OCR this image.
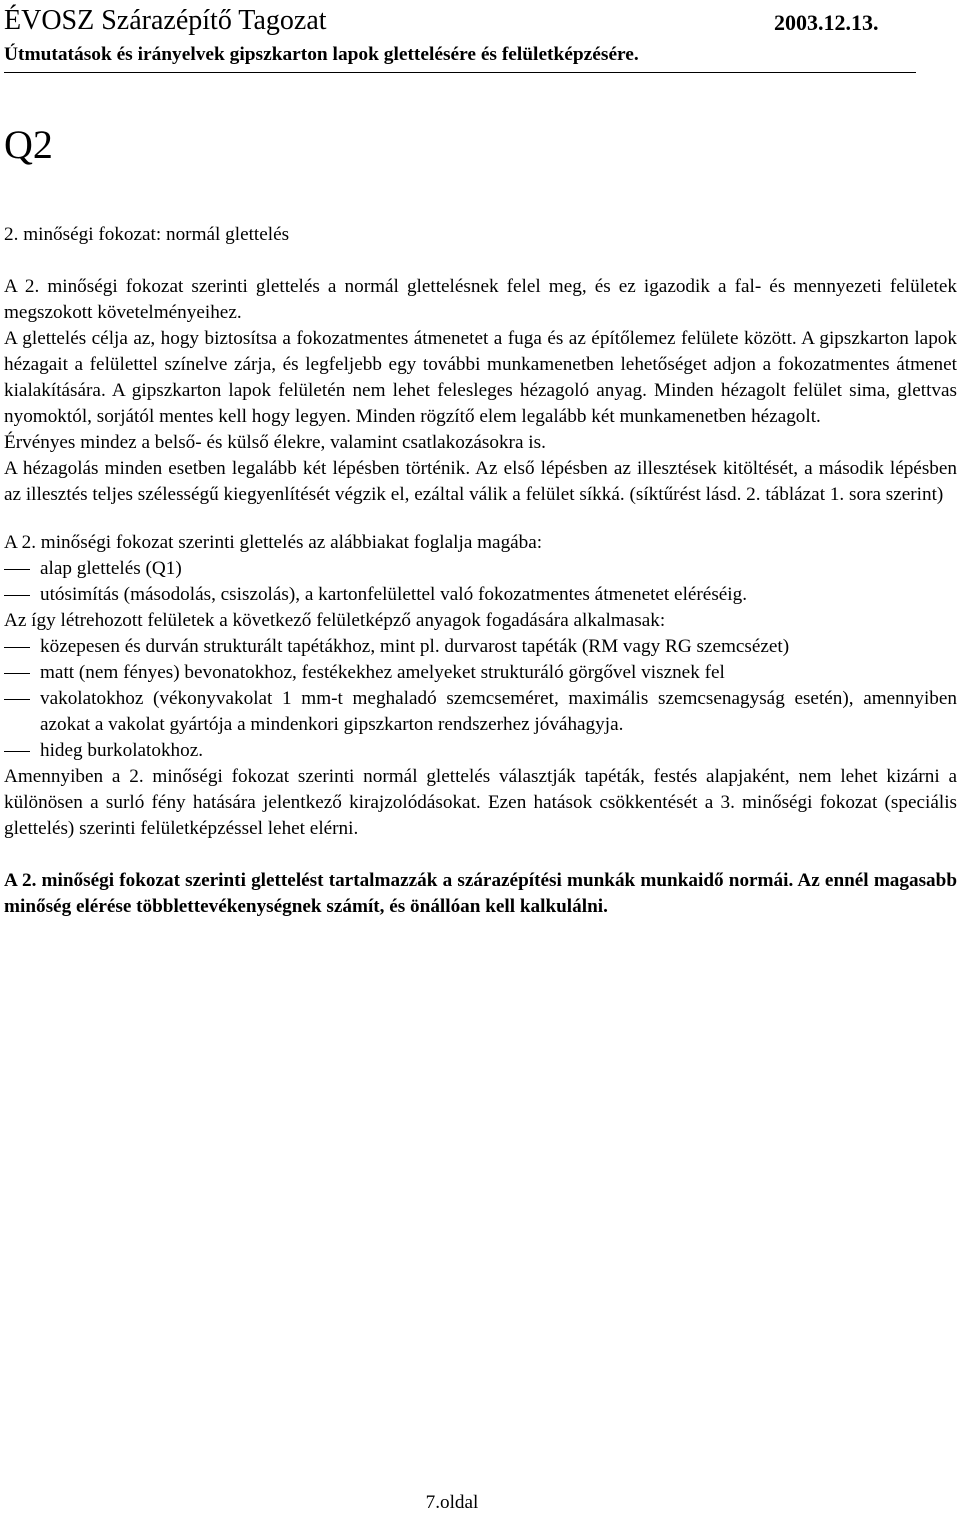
ÉVOSZ Szárazépítő Tagozat	2003.12.13.
Útmutatások és irányelvek gipszkarton lapok glettelésére és felületképzésére.
Q2

2. minőségi fokozat: normál glettelés

A 2. minőségi fokozat szerinti glettelés a normál glettelésnek felel meg, és ez igazodik a fal- és mennyezeti felületek megszokott követelményeihez.

A glettelés célja az, hogy biztosítsa a fokozatmentes átmenetet a fuga és az építőlemez felülete között. A gipszkarton lapok hézagait a felülettel színelve zárja, és legfeljebb egy további munkamenetben lehetőséget adjon a fokozatmentes átmenet kialakítására. A gipszkarton lapok felületén nem lehet felesleges hézagoló anyag. Minden hézagolt felület sima, glettvas nyomoktól, sorjától mentes kell hogy legyen. Minden rögzítő elem legalább két munkamenetben hézagolt.

Érvényes mindez a belső- és külső élekre, valamint csatlakozásokra is.

A hézagolás minden esetben legalább két lépésben történik. Az első lépésben az illesztések kitöltését, a második lépésben az illesztés teljes szélességű kiegyenlítését végzik el, ezáltal válik a felület síkká. (síktűrést lásd. 2. táblázat 1. sora szerint)

A 2. minőségi fokozat szerinti glettelés az alábbiakat foglalja magába:

alap glettelés (Q1)
utósimítás (másodolás, csiszolás), a kartonfelülettel való fokozatmentes átmenetet eléréséig.

Az így létrehozott felületek a következő felületképző anyagok fogadására alkalmasak:

közepesen és durván strukturált tapétákhoz, mint pl. durvarost tapéták (RM vagy RG szemcsézet)
matt (nem fényes) bevonatokhoz, festékekhez amelyeket strukturáló görgővel visznek fel
vakolatokhoz (vékonyvakolat 1 mm-t meghaladó szemcseméret, maximális szemcsenagyság esetén), amennyiben azokat a vakolat gyártója a mindenkori gipszkarton rendszerhez jóváhagyja.
hideg burkolatokhoz.

Amennyiben a 2. minőségi fokozat szerinti normál glettelés választják tapéták, festés alapjaként, nem lehet kizárni a különösen a surló fény hatására jelentkező kirajzolódásokat. Ezen hatások csökkentését a 3. minőségi fokozat (speciális glettelés) szerinti felületképzéssel lehet elérni.

A 2. minőségi fokozat szerinti glettelést tartalmazzák a szárazépítési munkák munkaidő normái. Az ennél magasabb minőség elérése többlettevékenységnek számít, és önállóan kell kalkulálni.

7.oldal
